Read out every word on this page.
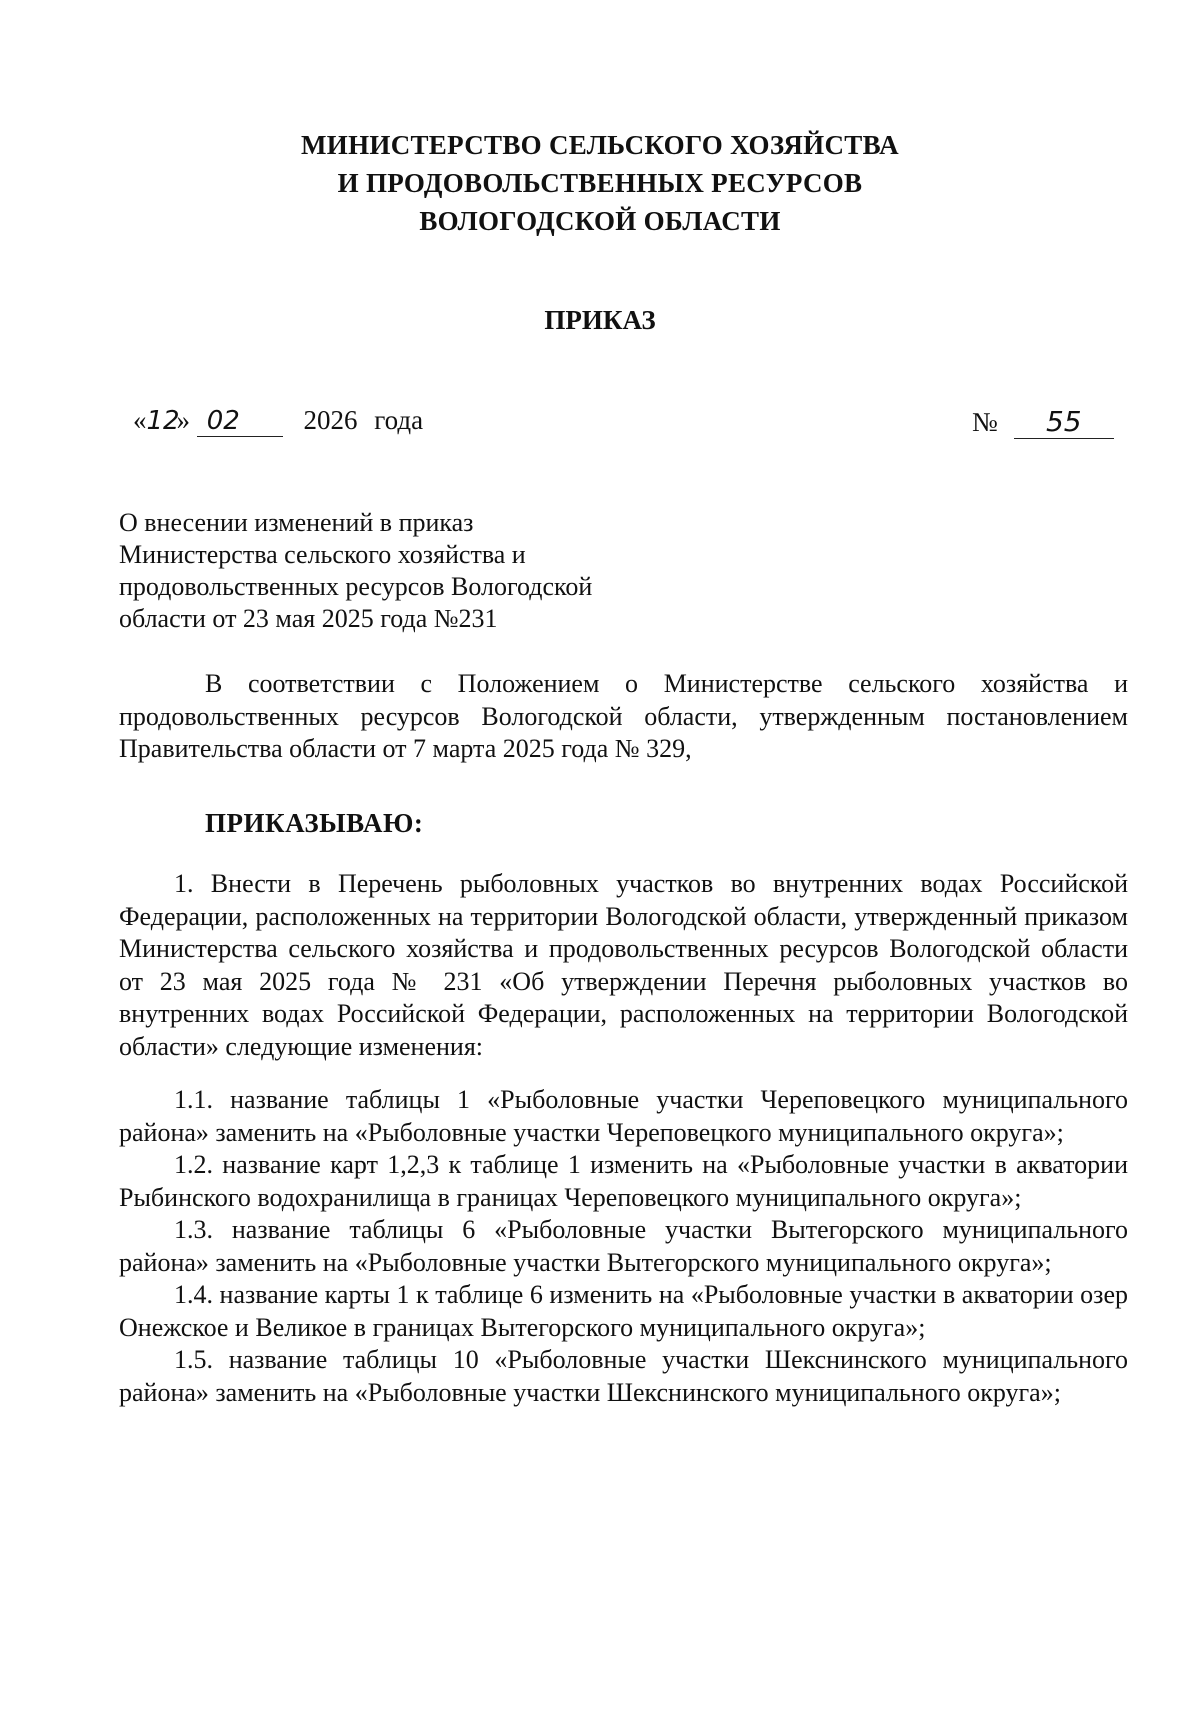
МИНИСТЕРСТВО СЕЛЬСКОГО ХОЗЯЙСТВА
И ПРОДОВОЛЬСТВЕННЫХ РЕСУРСОВ
ВОЛОГОДСКОЙ ОБЛАСТИ
ПРИКАЗ
«12» 02 2026 года	№ 55
О внесении изменений в приказ
Министерства сельского хозяйства и
продовольственных ресурсов Вологодской
области от 23 мая 2025 года №231
В соответствии с Положением о Министерстве сельского хозяйства и продовольственных ресурсов Вологодской области, утвержденным постановлением Правительства области от 7 марта 2025 года № 329,
ПРИКАЗЫВАЮ:
1. Внести в Перечень рыболовных участков во внутренних водах Российской Федерации, расположенных на территории Вологодской области, утвержденный приказом Министерства сельского хозяйства и продовольственных ресурсов Вологодской области от 23 мая 2025 года № 231 «Об утверждении Перечня рыболовных участков во внутренних водах Российской Федерации, расположенных на территории Вологодской области» следующие изменения:

1.1. название таблицы 1 «Рыболовные участки Череповецкого муниципального района» заменить на «Рыболовные участки Череповецкого муниципального округа»;

1.2. название карт 1,2,3 к таблице 1 изменить на «Рыболовные участки в акватории Рыбинского водохранилища в границах Череповецкого муниципального округа»;

1.3. название таблицы 6 «Рыболовные участки Вытегорского муниципального района» заменить на «Рыболовные участки Вытегорского муниципального округа»;

1.4. название карты 1 к таблице 6 изменить на «Рыболовные участки в акватории озер Онежское и Великое в границах Вытегорского муниципального округа»;

1.5. название таблицы 10 «Рыболовные участки Шекснинского муниципального района» заменить на «Рыболовные участки Шекснинского муниципального округа»;
